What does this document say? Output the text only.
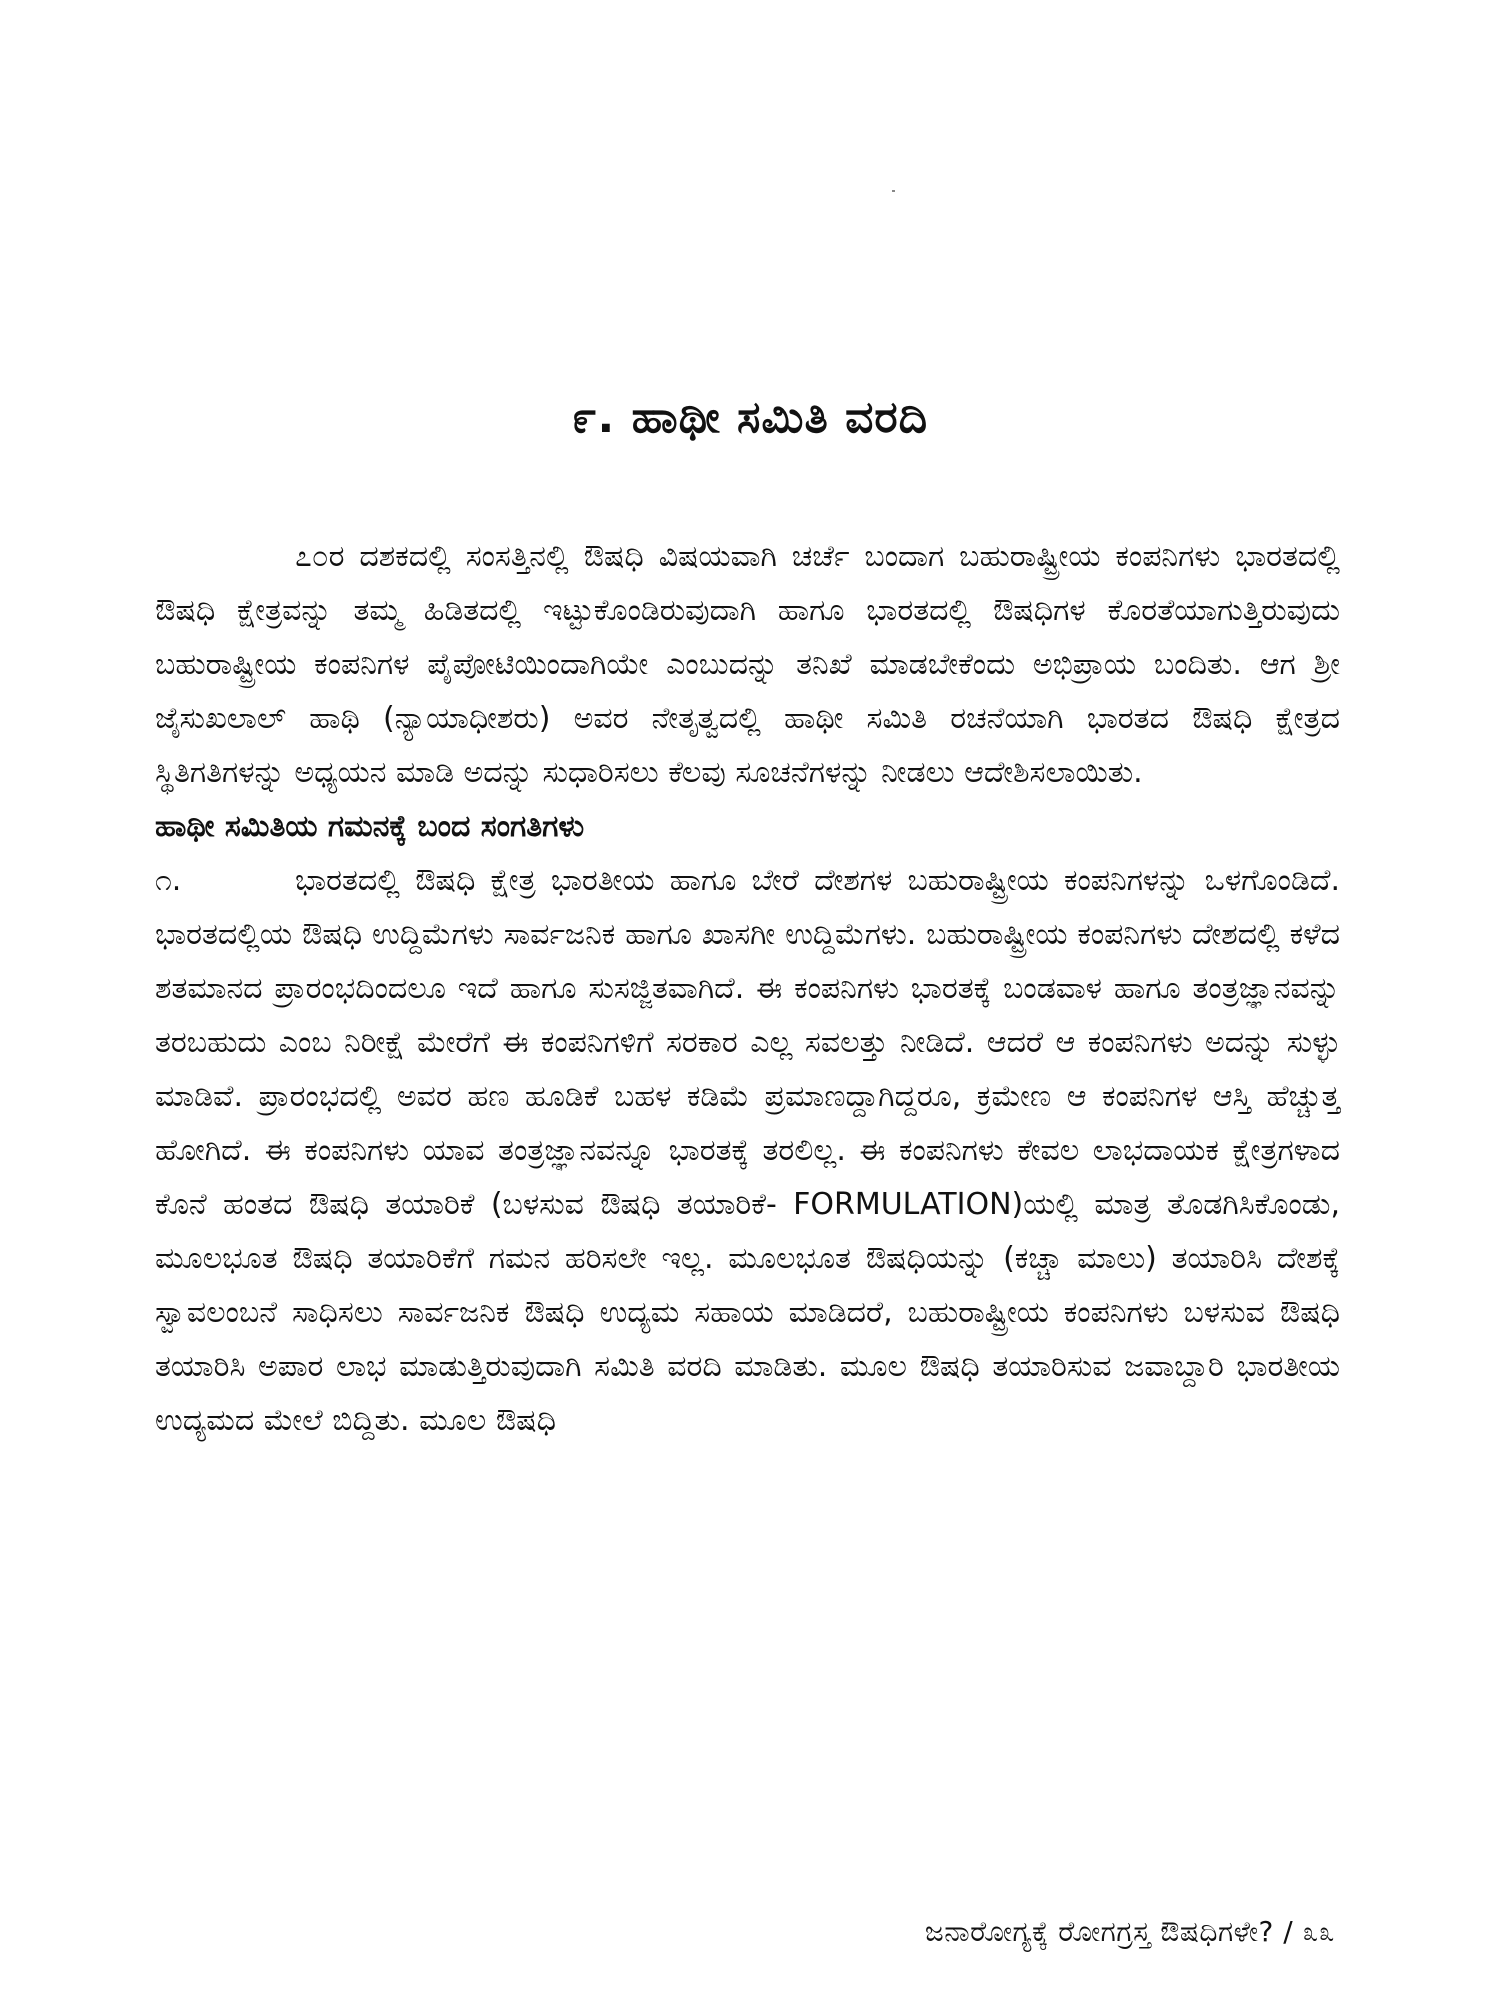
೯. ಹಾಥೀ ಸಮಿತಿ ವರದಿ

೭೦ರ ದಶಕದಲ್ಲಿ ಸಂಸತ್ತಿನಲ್ಲಿ ಔಷಧಿ ವಿಷಯವಾಗಿ ಚರ್ಚೆ ಬಂದಾಗ ಬಹುರಾಷ್ಟ್ರೀಯ ಕಂಪನಿಗಳು ಭಾರತದಲ್ಲಿ ಔಷಧಿ ಕ್ಷೇತ್ರವನ್ನು ತಮ್ಮ ಹಿಡಿತದಲ್ಲಿ ಇಟ್ಟುಕೊಂಡಿರುವುದಾಗಿ ಹಾಗೂ ಭಾರತದಲ್ಲಿ ಔಷಧಿಗಳ ಕೊರತೆಯಾಗುತ್ತಿರುವುದು ಬಹುರಾಷ್ಟ್ರೀಯ ಕಂಪನಿಗಳ ಪೈಪೋಟಿಯಿಂದಾಗಿಯೇ ಎಂಬುದನ್ನು ತನಿಖೆ ಮಾಡಬೇಕೆಂದು ಅಭಿಪ್ರಾಯ ಬಂದಿತು. ಆಗ ಶ್ರೀ ಜೈಸುಖಲಾಲ್ ಹಾಥಿ (ನ್ಯಾಯಾಧೀಶರು) ಅವರ ನೇತೃತ್ವದಲ್ಲಿ ಹಾಥೀ ಸಮಿತಿ ರಚನೆಯಾಗಿ ಭಾರತದ ಔಷಧಿ ಕ್ಷೇತ್ರದ ಸ್ಥಿತಿಗತಿಗಳನ್ನು ಅಧ್ಯಯನ ಮಾಡಿ ಅದನ್ನು ಸುಧಾರಿಸಲು ಕೆಲವು ಸೂಚನೆಗಳನ್ನು ನೀಡಲು ಆದೇಶಿಸಲಾಯಿತು.

ಹಾಥೀ ಸಮಿತಿಯ ಗಮನಕ್ಕೆ ಬಂದ ಸಂಗತಿಗಳು

೧.	ಭಾರತದಲ್ಲಿ ಔಷಧಿ ಕ್ಷೇತ್ರ ಭಾರತೀಯ ಹಾಗೂ ಬೇರೆ ದೇಶಗಳ ಬಹುರಾಷ್ಟ್ರೀಯ ಕಂಪನಿಗಳನ್ನು ಒಳಗೊಂಡಿದೆ. ಭಾರತದಲ್ಲಿಯ ಔಷಧಿ ಉದ್ದಿಮೆಗಳು ಸಾರ್ವಜನಿಕ ಹಾಗೂ ಖಾಸಗೀ ಉದ್ದಿಮೆಗಳು. ಬಹುರಾಷ್ಟ್ರೀಯ ಕಂಪನಿಗಳು ದೇಶದಲ್ಲಿ ಕಳೆದ ಶತಮಾನದ ಪ್ರಾರಂಭದಿಂದಲೂ ಇದೆ ಹಾಗೂ ಸುಸಜ್ಜಿತವಾಗಿದೆ. ಈ ಕಂಪನಿಗಳು ಭಾರತಕ್ಕೆ ಬಂಡವಾಳ ಹಾಗೂ ತಂತ್ರಜ್ಞಾನವನ್ನು ತರಬಹುದು ಎಂಬ ನಿರೀಕ್ಷೆ ಮೇರೆಗೆ ಈ ಕಂಪನಿಗಳಿಗೆ ಸರಕಾರ ಎಲ್ಲ ಸವಲತ್ತು ನೀಡಿದೆ. ಆದರೆ ಆ ಕಂಪನಿಗಳು ಅದನ್ನು ಸುಳ್ಳು ಮಾಡಿವೆ. ಪ್ರಾರಂಭದಲ್ಲಿ ಅವರ ಹಣ ಹೂಡಿಕೆ ಬಹಳ ಕಡಿಮೆ ಪ್ರಮಾಣದ್ದಾಗಿದ್ದರೂ, ಕ್ರಮೇಣ ಆ ಕಂಪನಿಗಳ ಆಸ್ತಿ ಹೆಚ್ಚುತ್ತ ಹೋಗಿದೆ. ಈ ಕಂಪನಿಗಳು ಯಾವ ತಂತ್ರಜ್ಞಾನವನ್ನೂ ಭಾರತಕ್ಕೆ ತರಲಿಲ್ಲ. ಈ ಕಂಪನಿಗಳು ಕೇವಲ ಲಾಭದಾಯಕ ಕ್ಷೇತ್ರಗಳಾದ ಕೊನೆ ಹಂತದ ಔಷಧಿ ತಯಾರಿಕೆ (ಬಳಸುವ ಔಷಧಿ ತಯಾರಿಕೆ- FORMULATION)ಯಲ್ಲಿ ಮಾತ್ರ ತೊಡಗಿಸಿಕೊಂಡು, ಮೂಲಭೂತ ಔಷಧಿ ತಯಾರಿಕೆಗೆ ಗಮನ ಹರಿಸಲೇ ಇಲ್ಲ. ಮೂಲಭೂತ ಔಷಧಿಯನ್ನು (ಕಚ್ಚಾ ಮಾಲು) ತಯಾರಿಸಿ ದೇಶಕ್ಕೆ ಸ್ವಾವಲಂಬನೆ ಸಾಧಿಸಲು ಸಾರ್ವಜನಿಕ ಔಷಧಿ ಉದ್ಯಮ ಸಹಾಯ ಮಾಡಿದರೆ, ಬಹುರಾಷ್ಟ್ರೀಯ ಕಂಪನಿಗಳು ಬಳಸುವ ಔಷಧಿ ತಯಾರಿಸಿ ಅಪಾರ ಲಾಭ ಮಾಡುತ್ತಿರುವುದಾಗಿ ಸಮಿತಿ ವರದಿ ಮಾಡಿತು. ಮೂಲ ಔಷಧಿ ತಯಾರಿಸುವ ಜವಾಬ್ದಾರಿ ಭಾರತೀಯ ಉದ್ಯಮದ ಮೇಲೆ ಬಿದ್ದಿತು. ಮೂಲ ಔಷಧಿ

ಜನಾರೋಗ್ಯಕ್ಕೆ ರೋಗಗ್ರಸ್ತ ಔಷಧಿಗಳೇ? / ೩೩
